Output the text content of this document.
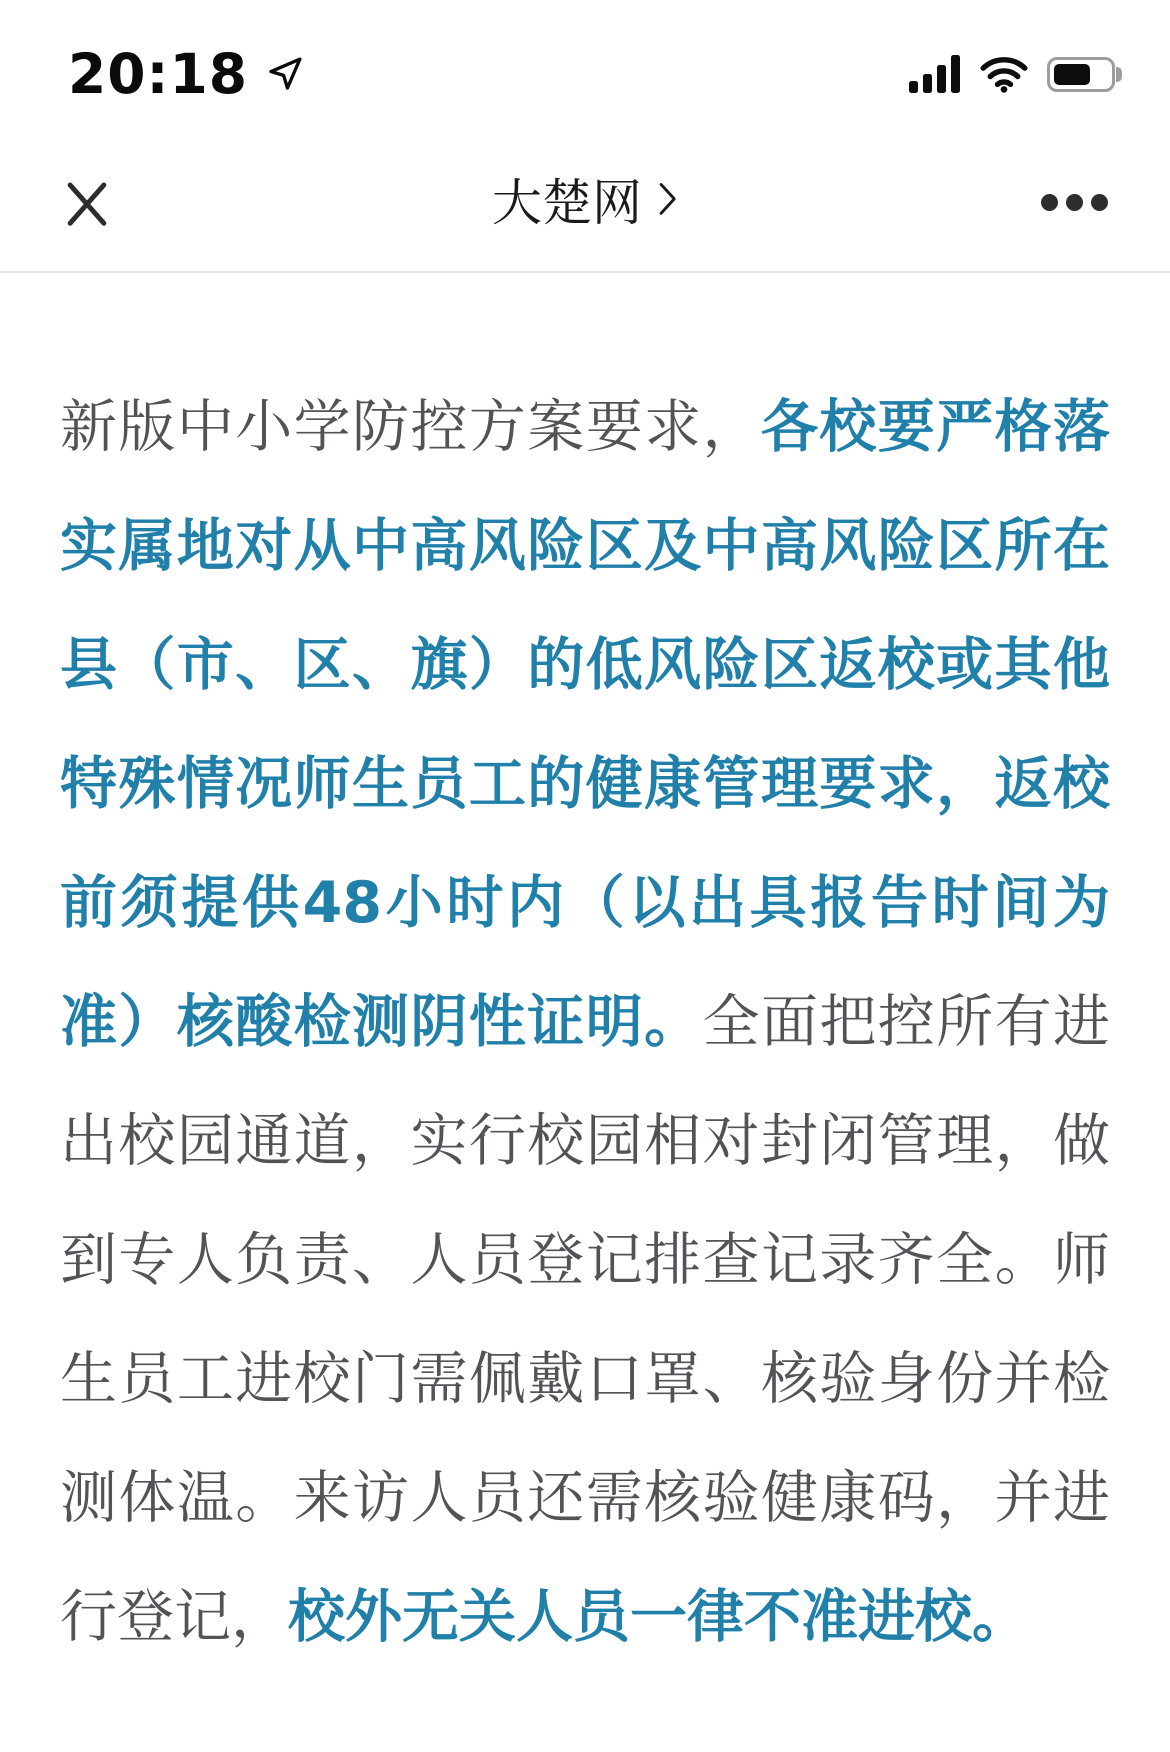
20:18
大楚网
新版中小学防控方案要求，各校要严格落
实属地对从中高风险区及中高风险区所在
县（市、区、旗）的低风险区返校或其他
特殊情况师生员工的健康管理要求，返校
前须提供48小时内（以出具报告时间为
准）核酸检测阴性证明。全面把控所有进
出校园通道，实行校园相对封闭管理，做
到专人负责、人员登记排查记录齐全。师
生员工进校门需佩戴口罩、核验身份并检
测体温。来访人员还需核验健康码，并进
行登记，校外无关人员一律不准进校。
